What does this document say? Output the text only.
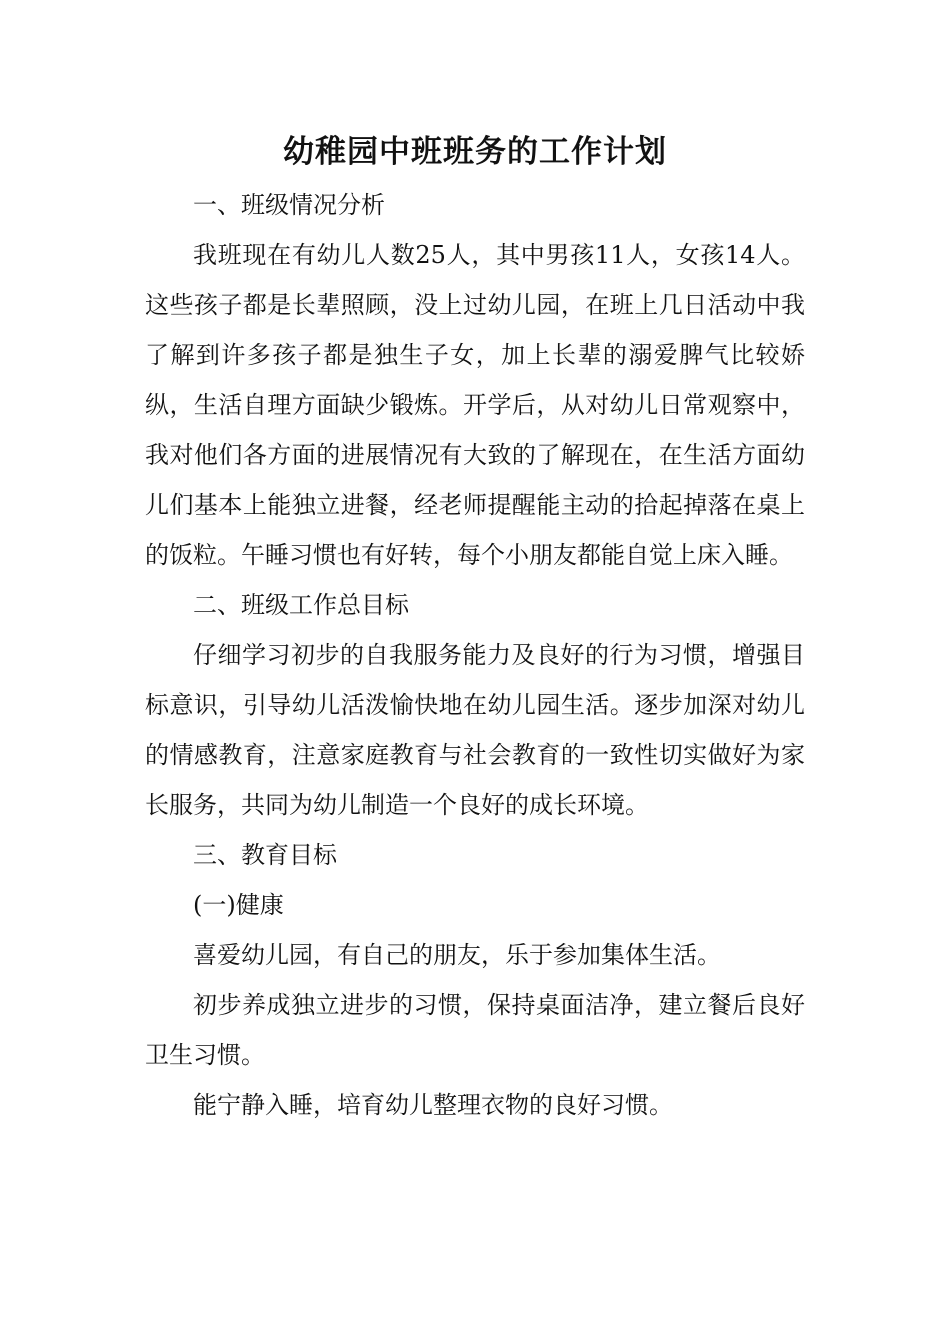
幼稚园中班班务的工作计划

一、班级情况分析

我班现在有幼儿人数25人，其中男孩11人，女孩14人。这些孩子都是长辈照顾，没上过幼儿园，在班上几日活动中我了解到许多孩子都是独生子女，加上长辈的溺爱脾气比较娇纵，生活自理方面缺少锻炼。开学后，从对幼儿日常观察中，我对他们各方面的进展情况有大致的了解现在，在生活方面幼儿们基本上能独立进餐，经老师提醒能主动的拾起掉落在桌上的饭粒。午睡习惯也有好转，每个小朋友都能自觉上床入睡。

二、班级工作总目标

仔细学习初步的自我服务能力及良好的行为习惯，增强目标意识，引导幼儿活泼愉快地在幼儿园生活。逐步加深对幼儿的情感教育，注意家庭教育与社会教育的一致性切实做好为家长服务，共同为幼儿制造一个良好的成长环境。

三、教育目标

(一)健康

喜爱幼儿园，有自己的朋友，乐于参加集体生活。

初步养成独立进步的习惯，保持桌面洁净，建立餐后良好卫生习惯。

能宁静入睡，培育幼儿整理衣物的良好习惯。
